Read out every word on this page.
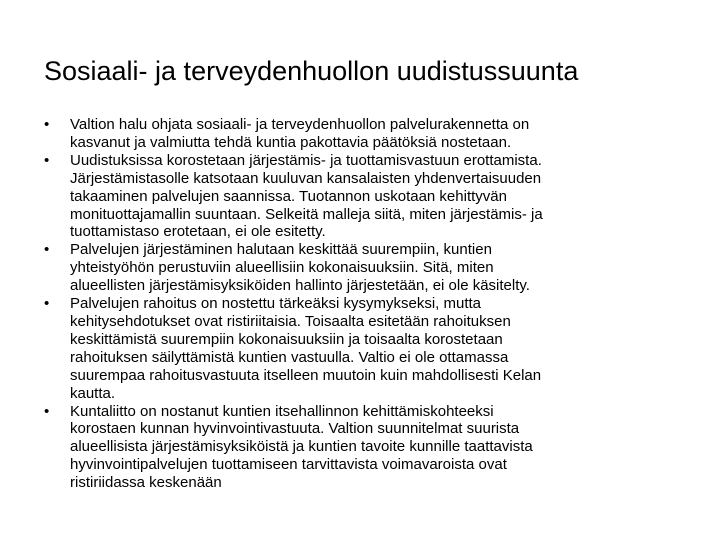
Sosiaali- ja terveydenhuollon uudistussuunta
•	Valtion halu ohjata sosiaali- ja terveydenhuollon palvelurakennetta on
kasvanut ja valmiutta tehdä kuntia pakottavia päätöksiä nostetaan.
•	Uudistuksissa korostetaan järjestämis- ja tuottamisvastuun erottamista.
Järjestämistasolle katsotaan kuuluvan kansalaisten yhdenvertaisuuden
takaaminen palvelujen saannissa. Tuotannon uskotaan kehittyvän
monituottajamallin suuntaan. Selkeitä malleja siitä, miten järjestämis- ja
tuottamistaso erotetaan, ei ole esitetty.
•	Palvelujen järjestäminen halutaan keskittää suurempiin, kuntien
yhteistyöhön perustuviin alueellisiin kokonaisuuksiin. Sitä, miten
alueellisten järjestämisyksiköiden hallinto järjestetään, ei ole käsitelty.
•	Palvelujen rahoitus on nostettu tärkeäksi kysymykseksi, mutta
kehitysehdotukset ovat ristiriitaisia. Toisaalta esitetään rahoituksen
keskittämistä suurempiin kokonaisuuksiin ja toisaalta korostetaan
rahoituksen säilyttämistä kuntien vastuulla. Valtio ei ole ottamassa
suurempaa rahoitusvastuuta itselleen muutoin kuin mahdollisesti Kelan
kautta.
•	Kuntaliitto on nostanut kuntien itsehallinnon kehittämiskohteeksi
korostaen kunnan hyvinvointivastuuta. Valtion suunnitelmat suurista
alueellisista järjestämisyksiköistä ja kuntien tavoite kunnille taattavista
hyvinvointipalvelujen tuottamiseen tarvittavista voimavaroista ovat
ristiriidassa keskenään
